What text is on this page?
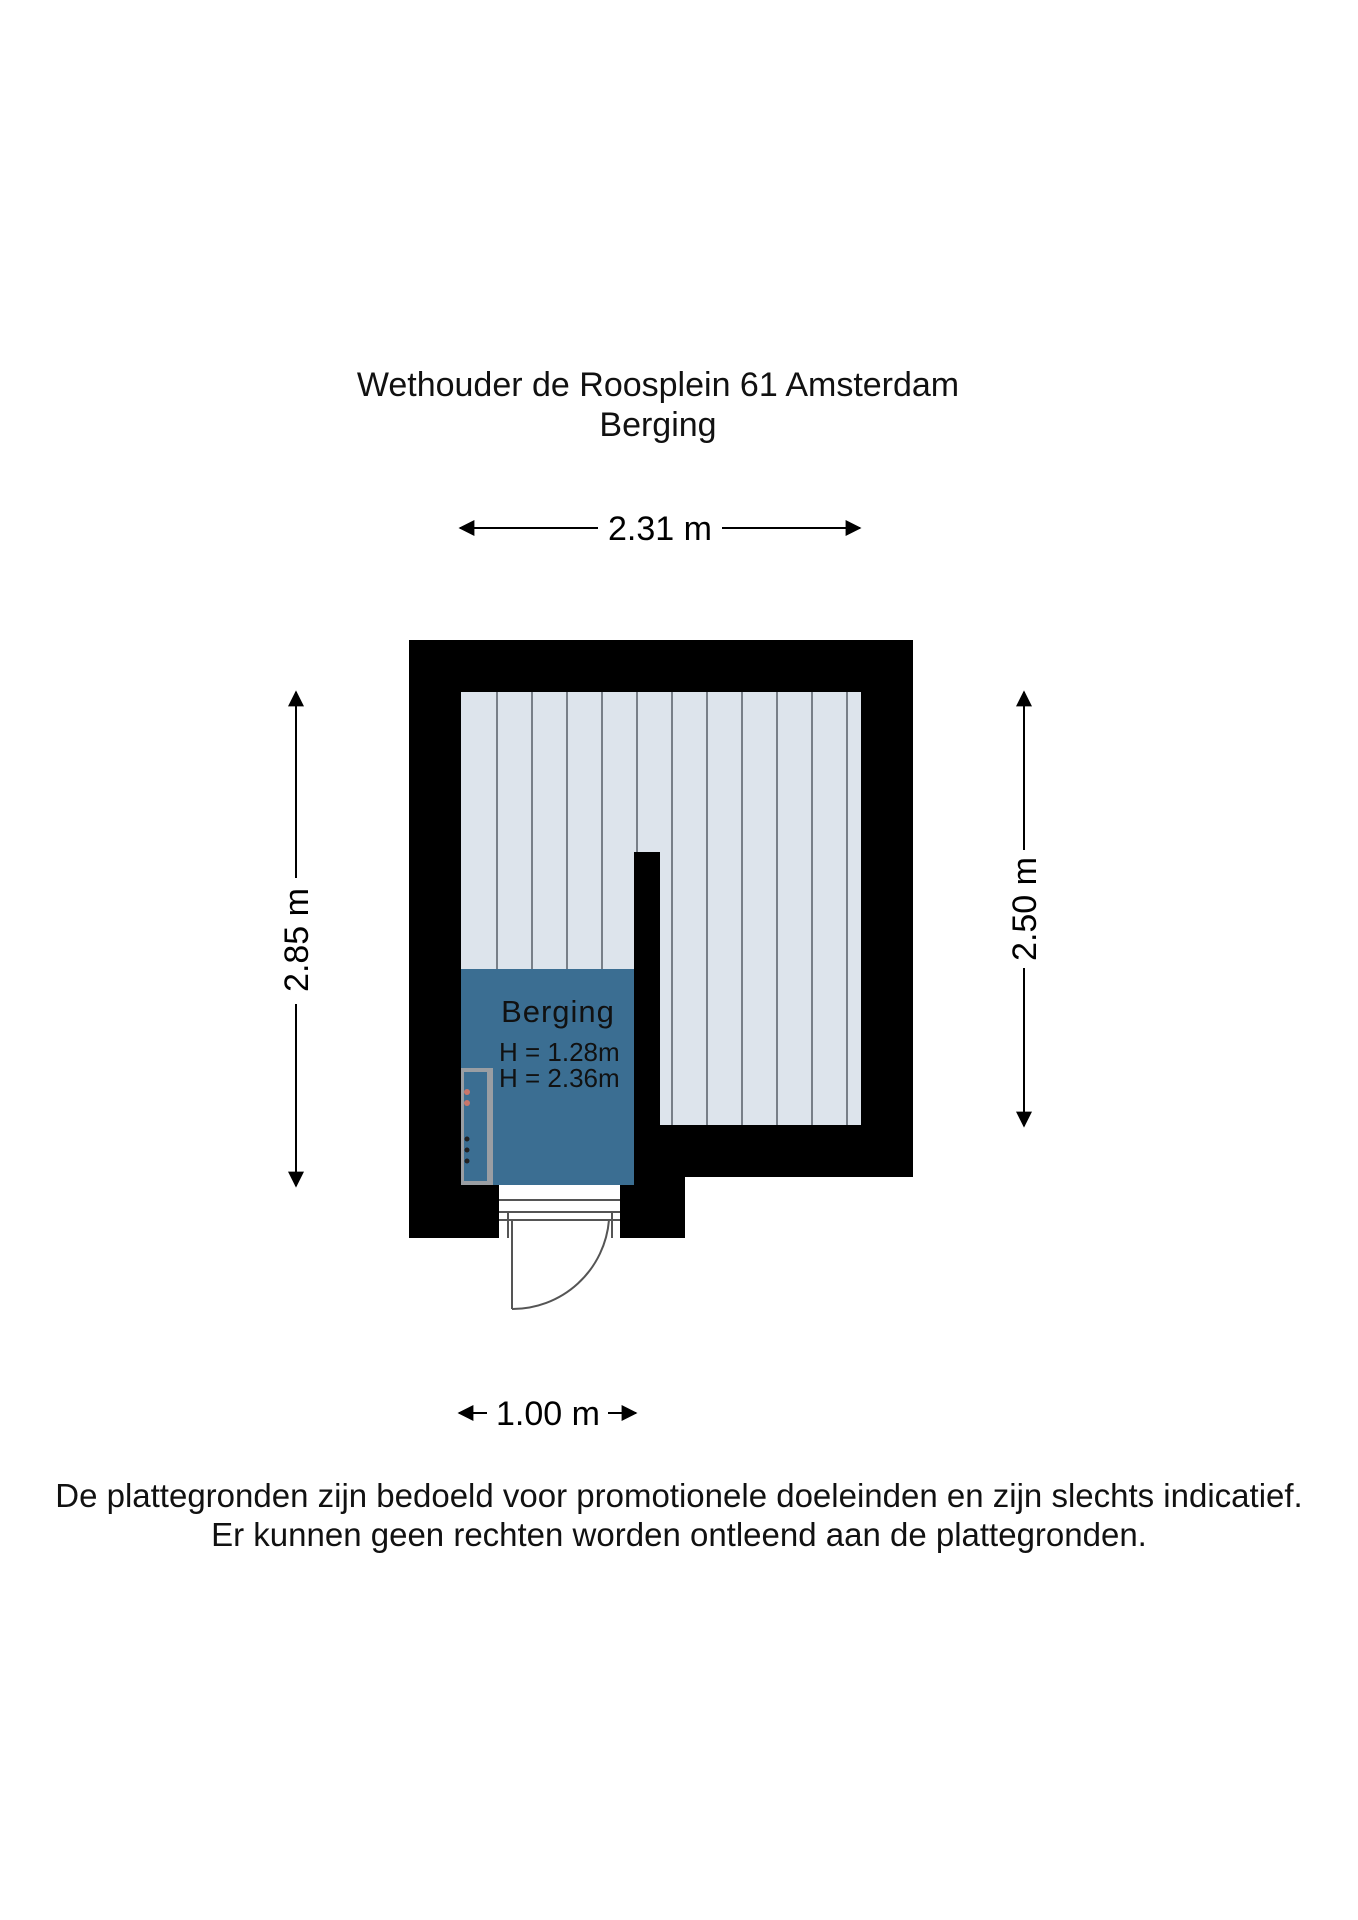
Wethouder de Roosplein 61 Amsterdam
Berging
2.31 m
2.85 m	2.50 m
Berging
H = 1.28m
H = 2.36m
1.00 m
De plattegronden zijn bedoeld voor promotionele doeleinden en zijn slechts indicatief.
Er kunnen geen rechten worden ontleend aan de plattegronden.
